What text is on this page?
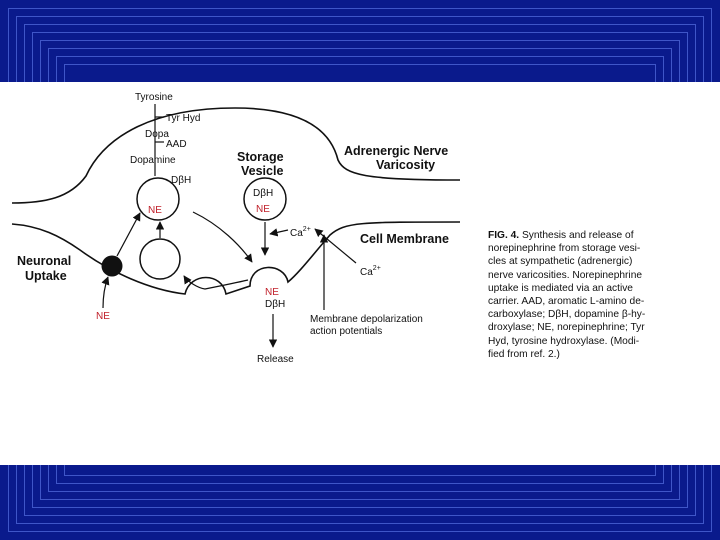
Tyrosine
Tyr Hyd
Dopa
AAD
Dopamine
DβH
NE
Storage
Vesicle
DβH
NE
Adrenergic Nerve
Varicosity
Cell Membrane
Neuronal
Uptake
NE
NE
DβH
Release
$Ca^{2+}$
$Ca^{2+}$
Membrane depolarization
action potentials
FIG. 4. Synthesis and release of
norepinephrine from storage vesi-
cles at sympathetic (adrenergic)
nerve varicosities. Norepinephrine
uptake is mediated via an active
carrier. AAD, aromatic L-amino de-
carboxylase; DβH, dopamine β-hy-
droxylase; NE, norepinephrine; Tyr
Hyd, tyrosine hydroxylase. (Modi-
fied from ref. 2.)
